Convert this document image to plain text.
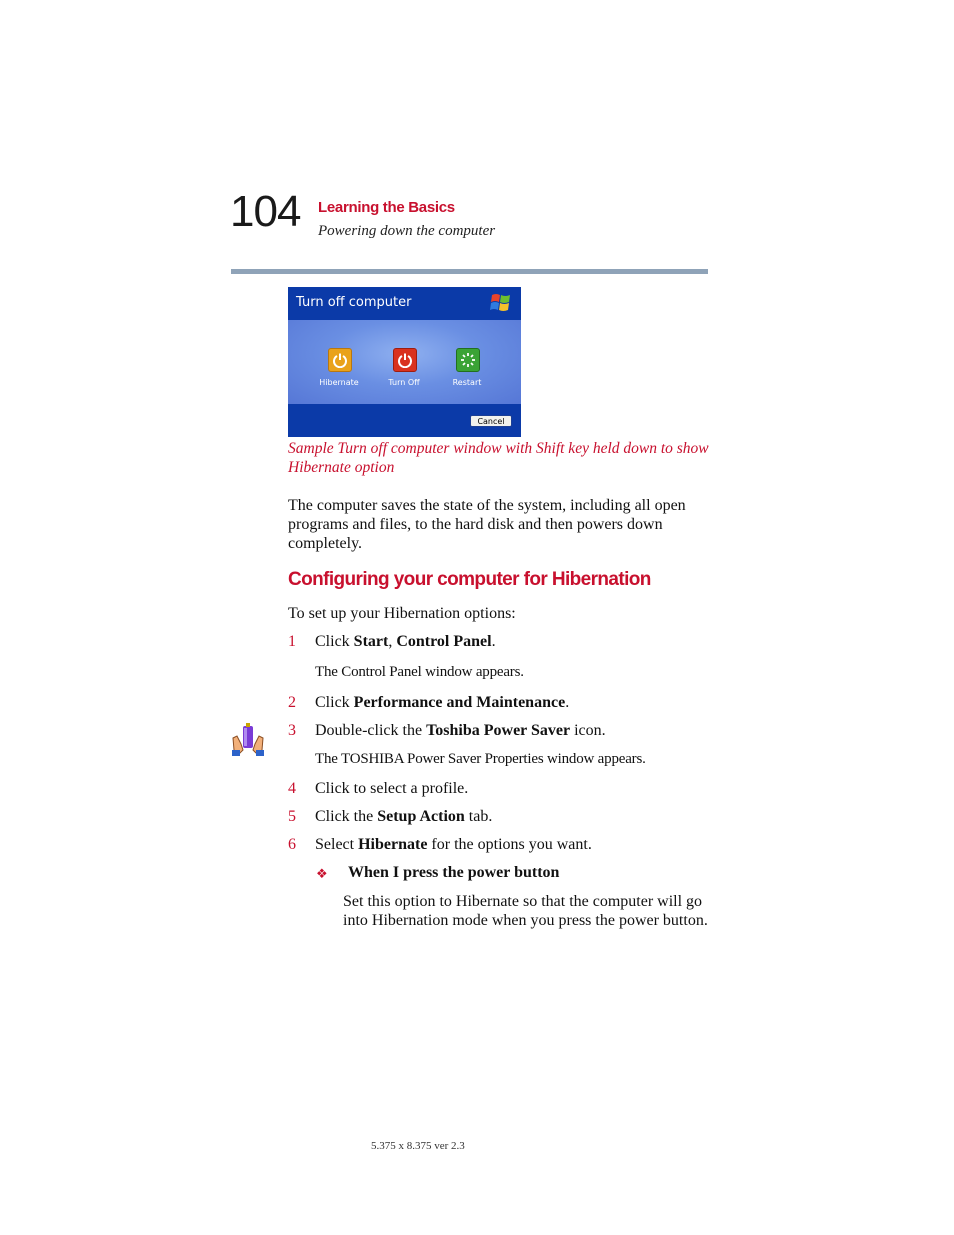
104 Learning the Basics
Powering down the computer
Turn off computer
Hibernate	Turn Off	Restart
Cancel
Sample Turn off computer window with Shift key held down to show Hibernate option
The computer saves the state of the system, including all open programs and files, to the hard disk and then powers down completely.
Configuring your computer for Hibernation
To set up your Hibernation options:
1 Click Start, Control Panel.
The Control Panel window appears.
2 Click Performance and Maintenance.
3 Double-click the Toshiba Power Saver icon.
The TOSHIBA Power Saver Properties window appears.
4 Click to select a profile.
5 Click the Setup Action tab.
6 Select Hibernate for the options you want.
❖ When I press the power button
Set this option to Hibernate so that the computer will go into Hibernation mode when you press the power button.
5.375 x 8.375 ver 2.3
